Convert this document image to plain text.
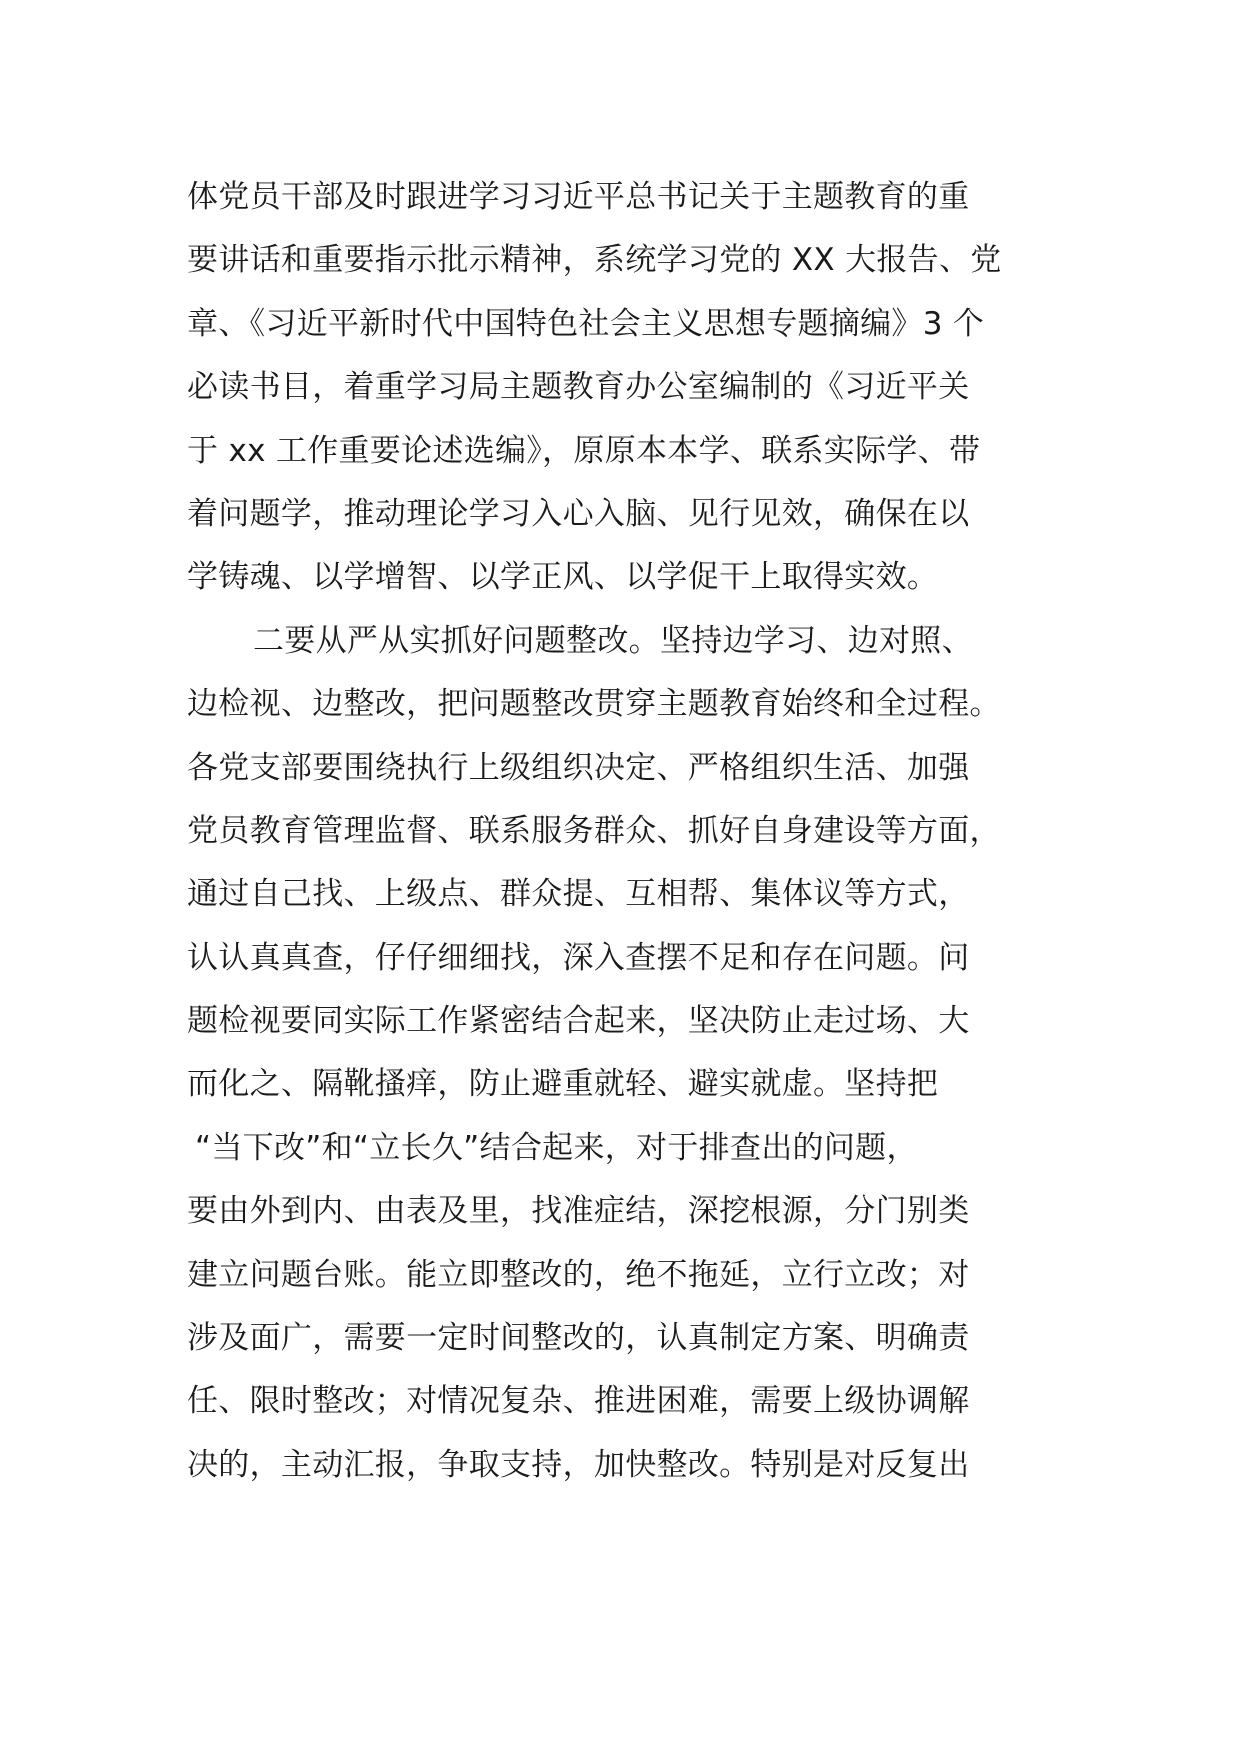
体党员干部及时跟进学习习近平总书记关于主题教育的重
要讲话和重要指示批示精神，系统学习党的 XX 大报告、党
章、《习近平新时代中国特色社会主义思想专题摘编》3 个
必读书目，着重学习局主题教育办公室编制的《习近平关
于 xx 工作重要论述选编》，原原本本学、联系实际学、带
着问题学，推动理论学习入心入脑、见行见效，确保在以
学铸魂、以学增智、以学正风、以学促干上取得实效。
二要从严从实抓好问题整改。坚持边学习、边对照、
边检视、边整改，把问题整改贯穿主题教育始终和全过程。
各党支部要围绕执行上级组织决定、严格组织生活、加强
党员教育管理监督、联系服务群众、抓好自身建设等方面，
通过自己找、上级点、群众提、互相帮、集体议等方式，
认认真真查，仔仔细细找，深入查摆不足和存在问题。问
题检视要同实际工作紧密结合起来，坚决防止走过场、大
而化之、隔靴搔痒，防止避重就轻、避实就虚。坚持把
“当下改”和“立长久”结合起来，对于排查出的问题，
要由外到内、由表及里，找准症结，深挖根源，分门别类
建立问题台账。能立即整改的，绝不拖延，立行立改；对
涉及面广，需要一定时间整改的，认真制定方案、明确责
任、限时整改；对情况复杂、推进困难，需要上级协调解
决的，主动汇报，争取支持，加快整改。特别是对反复出
